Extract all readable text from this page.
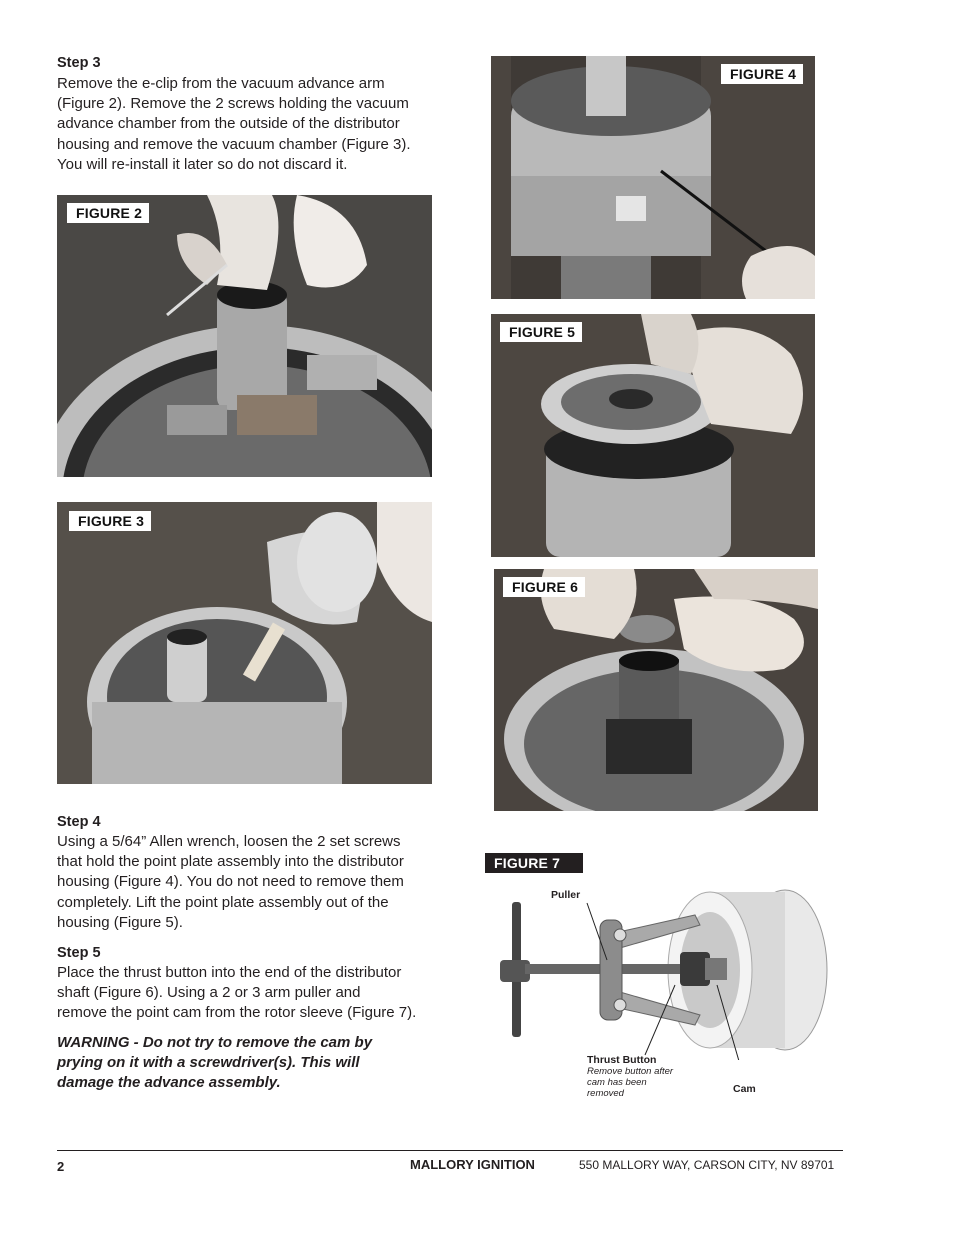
Step 3
Remove the e-clip from the vacuum advance arm
(Figure 2). Remove the 2 screws holding the vacuum
advance chamber from the outside of the distributor
housing and remove the vacuum chamber (Figure 3).
You will re-install it later so do not discard it.
FIGURE 2
FIGURE 3
Step 4
Using a 5/64” Allen wrench, loosen the 2 set screws
that hold the point plate assembly into the distributor
housing (Figure 4). You do not need to remove them
completely. Lift the point plate assembly out of the
housing (Figure 5).
Step 5
Place the thrust button into the end of the distributor
shaft (Figure 6). Using a 2 or 3 arm puller and
remove the point cam from the rotor sleeve (Figure 7).
WARNING - Do not try to remove the cam by
prying on it with a screwdriver(s). This will
damage the advance assembly.
FIGURE 4
FIGURE 5
FIGURE 6
FIGURE 7
Puller
Thrust Button
Remove button after cam has been removed	Cam
2	MALLORY IGNITION	550 MALLORY WAY, CARSON CITY, NV 89701
